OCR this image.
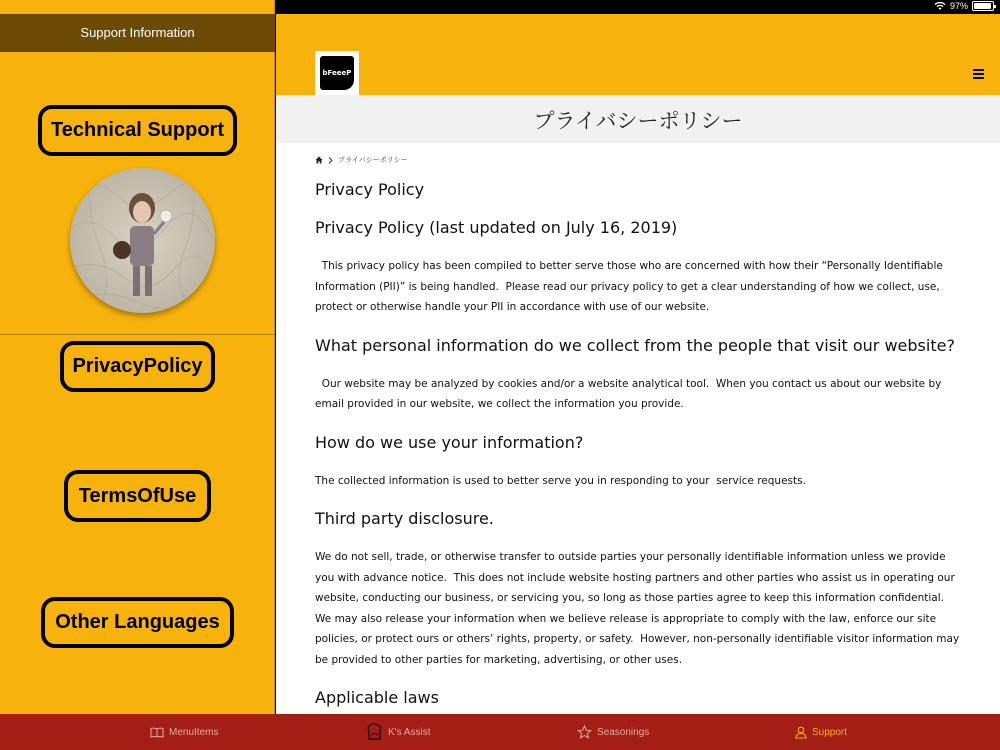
97%
Support Information
Technical Support
PrivacyPolicy
TermsOfUse
Other Languages
bFeeeP
プライバシーポリシー
プライバシーポリシー
Privacy Policy
Privacy Policy (last updated on July 16, 2019)

This privacy policy has been compiled to better serve those who are concerned with how their “Personally Identifiable Information (PII)” is being handled.  Please read our privacy policy to get a clear understanding of how we collect, use, protect or otherwise handle your PII in accordance with use of our website.

What personal information do we collect from the people that visit our website?

Our website may be analyzed by cookies and/or a website analytical tool.  When you contact us about our website by email provided in our website, we collect the information you provide.

How do we use your information?

The collected information is used to better serve you in responding to your  service requests.

Third party disclosure.

We do not sell, trade, or otherwise transfer to outside parties your personally identifiable information unless we provide you with advance notice.  This does not include website hosting partners and other parties who assist us in operating our website, conducting our business, or servicing you, so long as those parties agree to keep this information confidential.  We may also release your information when we believe release is appropriate to comply with the law, enforce our site policies, or protect ours or others’ rights, property, or safety.  However, non-personally identifiable visitor information may be provided to other parties for marketing, advertising, or other uses.

Applicable laws
MenuItems	K's Assist	Seasonings	Support
